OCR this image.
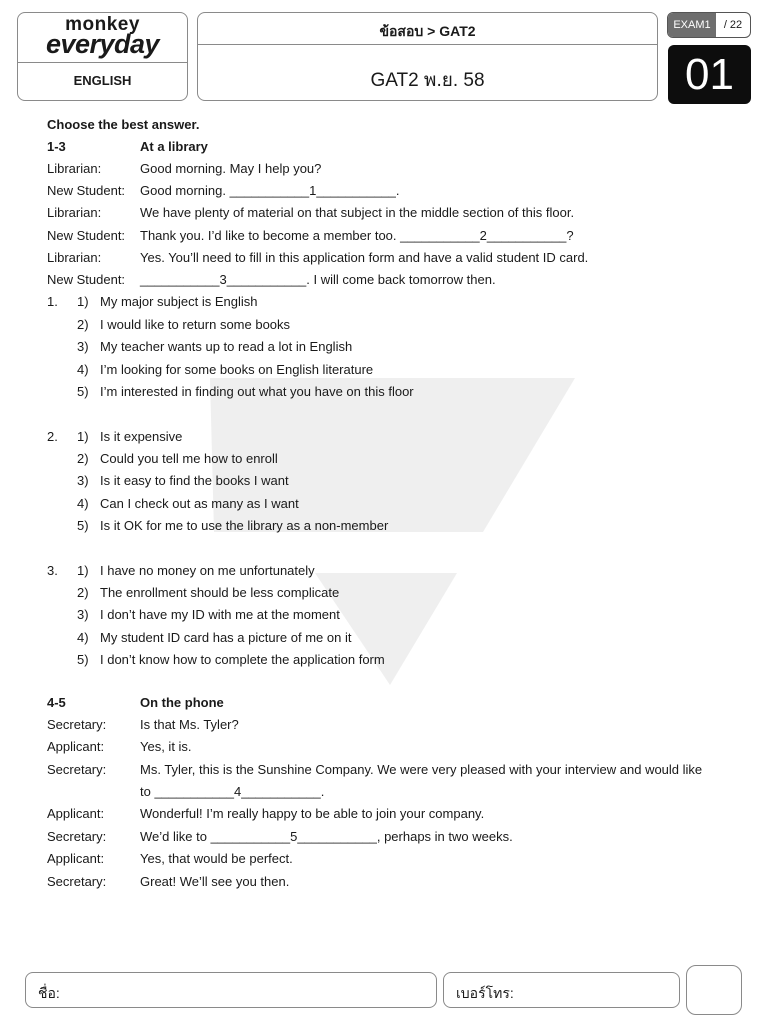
monkey
everyday
ENGLISH
ข้อสอบ > GAT2
GAT2 พ.ย. 58
EXAM1	/ 22
01
Choose the best answer.
1-3	At a library
Librarian:	Good morning. May I help you?
New Student: Good morning. ___________1___________.
Librarian:	We have plenty of material on that subject in the middle section of this floor.
New Student: Thank you. I’d like to become a member too. ___________2___________?
Librarian:	Yes. You’ll need to fill in this application form and have a valid student ID card.
New Student: ___________3___________. I will come back tomorrow then.
1. 1) My major subject is English
2) I would like to return some books
3) My teacher wants up to read a lot in English
4) I’m looking for some books on English literature
5) I’m interested in finding out what you have on this floor
2. 1) Is it expensive
2) Could you tell me how to enroll
3) Is it easy to find the books I want
4) Can I check out as many as I want
5) Is it OK for me to use the library as a non-member
3. 1) I have no money on me unfortunately
2) The enrollment should be less complicate
3) I don’t have my ID with me at the moment
4) My student ID card has a picture of me on it
5) I don’t know how to complete the application form
4-5	On the phone
Secretary:	Is that Ms. Tyler?
Applicant:	Yes, it is.
Secretary:	Ms. Tyler, this is the Sunshine Company. We were very pleased with your interview and would like
to ___________4___________.
Applicant:	Wonderful! I’m really happy to be able to join your company.
Secretary:	We’d like to ___________5___________, perhaps in two weeks.
Applicant:	Yes, that would be perfect.
Secretary:	Great! We’ll see you then.
ชื่อ:	เบอร์โทร:
